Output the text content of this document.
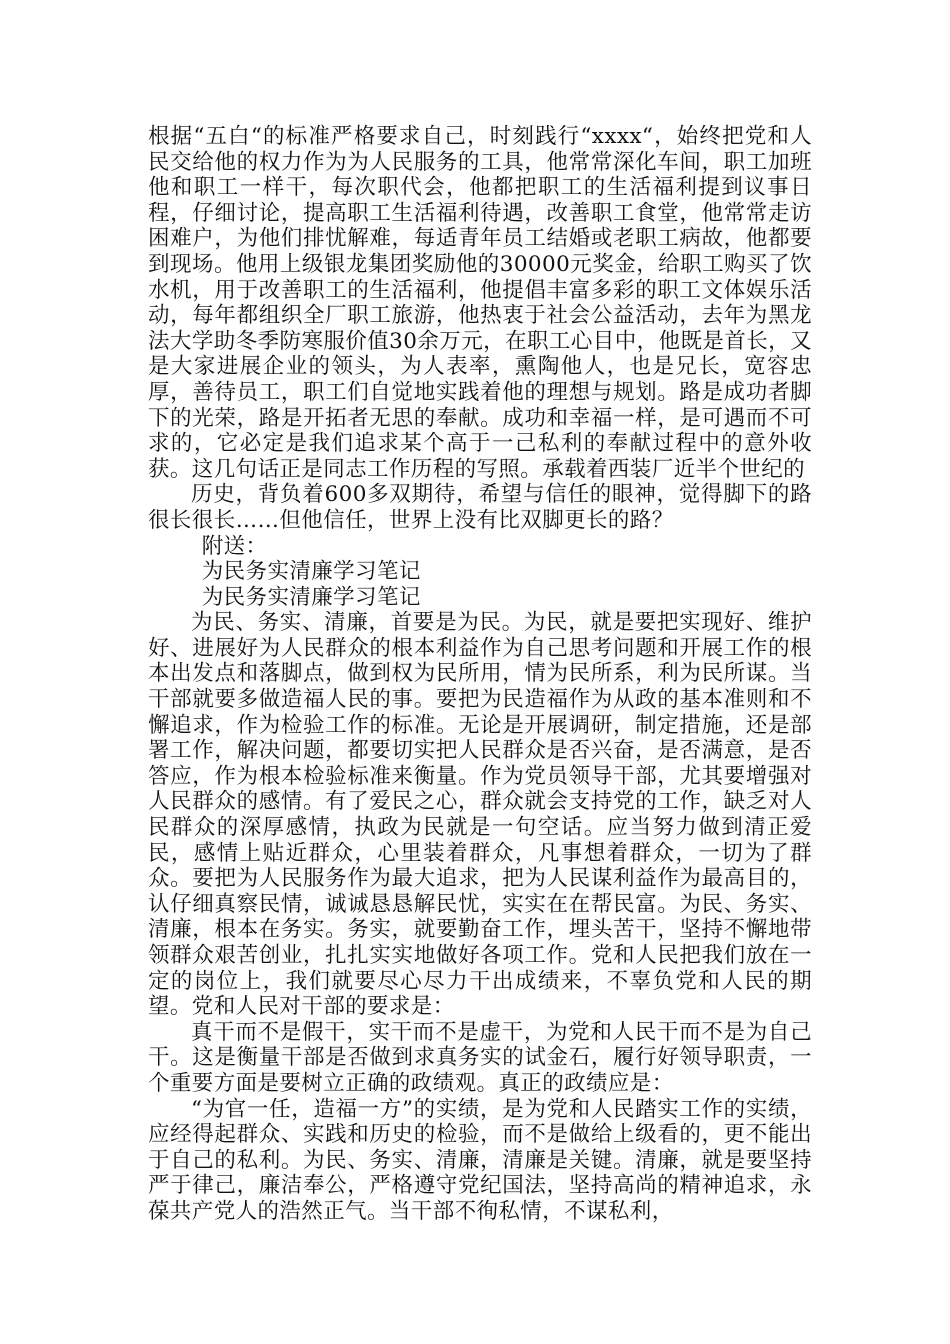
根据“五白“的标准严格要求自己，时刻践行“xxxx“，始终把党和人民交给他的权力作为为人民服务的工具，他常常深化车间，职工加班他和职工一样干，每次职代会，他都把职工的生活福利提到议事日程，仔细讨论，提高职工生活福利待遇，改善职工食堂，他常常走访困难户，为他们排忧解难，每适青年员工结婚或老职工病故，他都要到现场。他用上级银龙集团奖励他的30000元奖金，给职工购买了饮水机，用于改善职工的生活福利，他提倡丰富多彩的职工文体娱乐活动，每年都组织全厂职工旅游，他热衷于社会公益活动，去年为黑龙法大学助冬季防寒服价值30余万元，在职工心目中，他既是首长，又是大家进展企业的领头，为人表率，熏陶他人，也是兄长，宽容忠厚，善待员工，职工们自觉地实践着他的理想与规划。路是成功者脚下的光荣，路是开拓者无思的奉献。成功和幸福一样，是可遇而不可求的，它必定是我们追求某个高于一己私利的奉献过程中的意外收获。这几句话正是同志工作历程的写照。承载着西装厂近半个世纪的

历史，背负着600多双期待，希望与信任的眼神，觉得脚下的路很长很长……但他信任，世界上没有比双脚更长的路？

附送：

为民务实清廉学习笔记

为民务实清廉学习笔记

为民、务实、清廉，首要是为民。为民，就是要把实现好、维护好、进展好为人民群众的根本利益作为自己思考问题和开展工作的根本出发点和落脚点，做到权为民所用，情为民所系，利为民所谋。当干部就要多做造福人民的事。要把为民造福作为从政的基本准则和不懈追求，作为检验工作的标准。无论是开展调研，制定措施，还是部署工作，解决问题，都要切实把人民群众是否兴奋，是否满意，是否答应，作为根本检验标准来衡量。作为党员领导干部，尤其要增强对人民群众的感情。有了爱民之心，群众就会支持党的工作，缺乏对人民群众的深厚感情，执政为民就是一句空话。应当努力做到清正爱民，感情上贴近群众，心里装着群众，凡事想着群众，一切为了群众。要把为人民服务作为最大追求，把为人民谋利益作为最高目的，认仔细真察民情，诚诚恳恳解民忧，实实在在帮民富。为民、务实、清廉，根本在务实。务实，就要勤奋工作，埋头苦干，坚持不懈地带领群众艰苦创业，扎扎实实地做好各项工作。党和人民把我们放在一定的岗位上，我们就要尽心尽力干出成绩来，不辜负党和人民的期望。党和人民对干部的要求是：

真干而不是假干，实干而不是虚干，为党和人民干而不是为自己干。这是衡量干部是否做到求真务实的试金石，履行好领导职责，一个重要方面是要树立正确的政绩观。真正的政绩应是：

“为官一任，造福一方”的实绩，是为党和人民踏实工作的实绩，应经得起群众、实践和历史的检验，而不是做给上级看的，更不能出于自己的私利。为民、务实、清廉，清廉是关键。清廉，就是要坚持严于律己，廉洁奉公，严格遵守党纪国法，坚持高尚的精神追求，永葆共产党人的浩然正气。当干部不徇私情，不谋私利，
